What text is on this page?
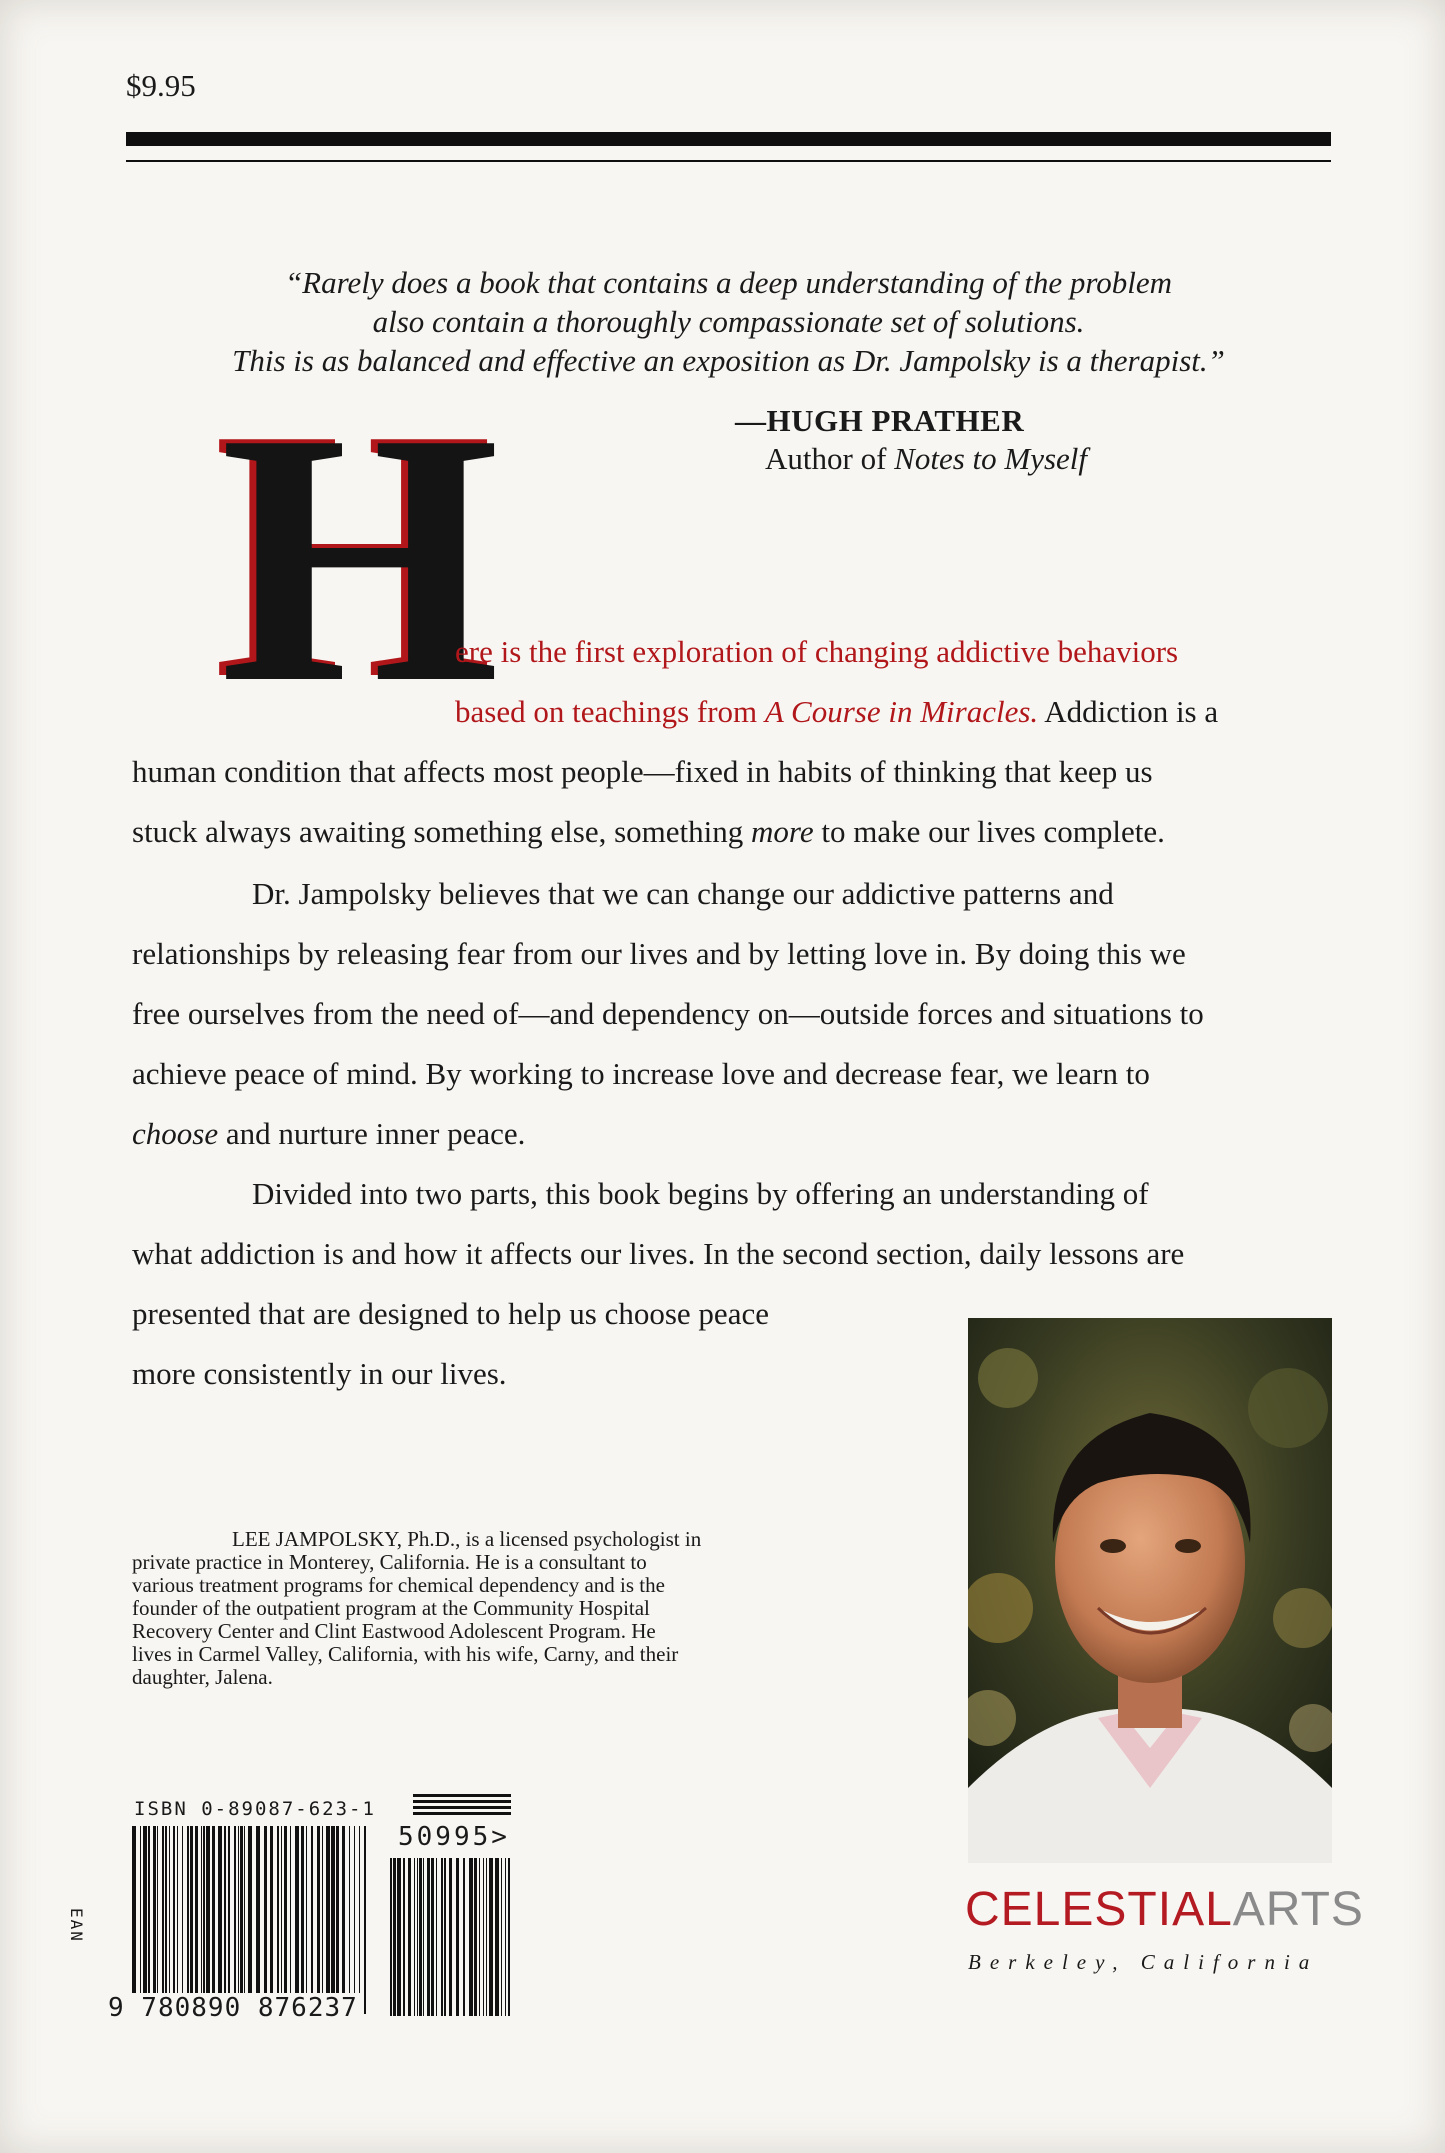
$9.95
“Rarely does a book that contains a deep understanding of the problem
also contain a thoroughly compassionate set of solutions.
This is as balanced and effective an exposition as Dr. Jampolsky is a therapist.”
—HUGH PRATHER
Author of Notes to Myself
H
ere is the first exploration of changing addictive behaviors
based on teachings from A Course in Miracles. Addiction is a
human condition that affects most people—fixed in habits of thinking that keep us
stuck always awaiting something else, something more to make our lives complete.
Dr. Jampolsky believes that we can change our addictive patterns and
relationships by releasing fear from our lives and by letting love in. By doing this we
free ourselves from the need of—and dependency on—outside forces and situations to
achieve peace of mind. By working to increase love and decrease fear, we learn to
choose and nurture inner peace.
Divided into two parts, this book begins by offering an understanding of
what addiction is and how it affects our lives. In the second section, daily lessons are
presented that are designed to help us choose peace
more consistently in our lives.
LEE JAMPOLSKY, Ph.D., is a licensed psychologist in
private practice in Monterey, California. He is a consultant to
various treatment programs for chemical dependency and is the
founder of the outpatient program at the Community Hospital
Recovery Center and Clint Eastwood Adolescent Program. He
lives in Carmel Valley, California, with his wife, Carny, and their
daughter, Jalena.
ISBN 0-89087-623-1
EAN
9 780890 876237
50995>
CELESTIALARTS
Berkeley, California
